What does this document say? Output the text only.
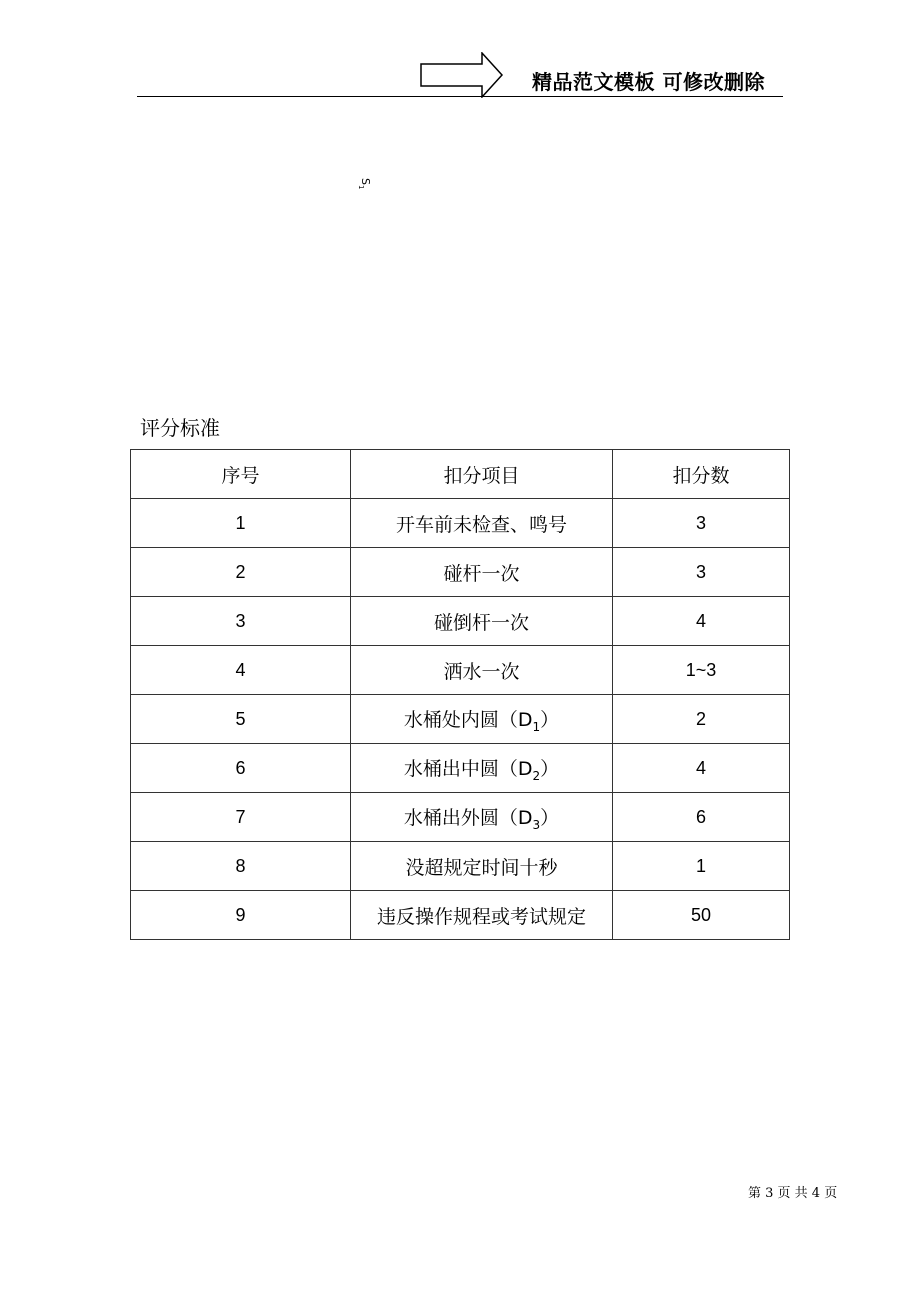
精品范文模板 可修改删除
$S_1$
评分标准
序号	扣分项目	扣分数
1	开车前未检查、鸣号	3
2	碰杆一次	3
3	碰倒杆一次	4
4	洒水一次	1~3
5	水桶处内圆$(D_1)$	2
6	水桶出中圆$(D_2)$	4
7	水桶出外圆$(D_3)$	6
8	没超规定时间十秒	1
9	违反操作规程或考试规定	50
第 3 页 共 4 页
